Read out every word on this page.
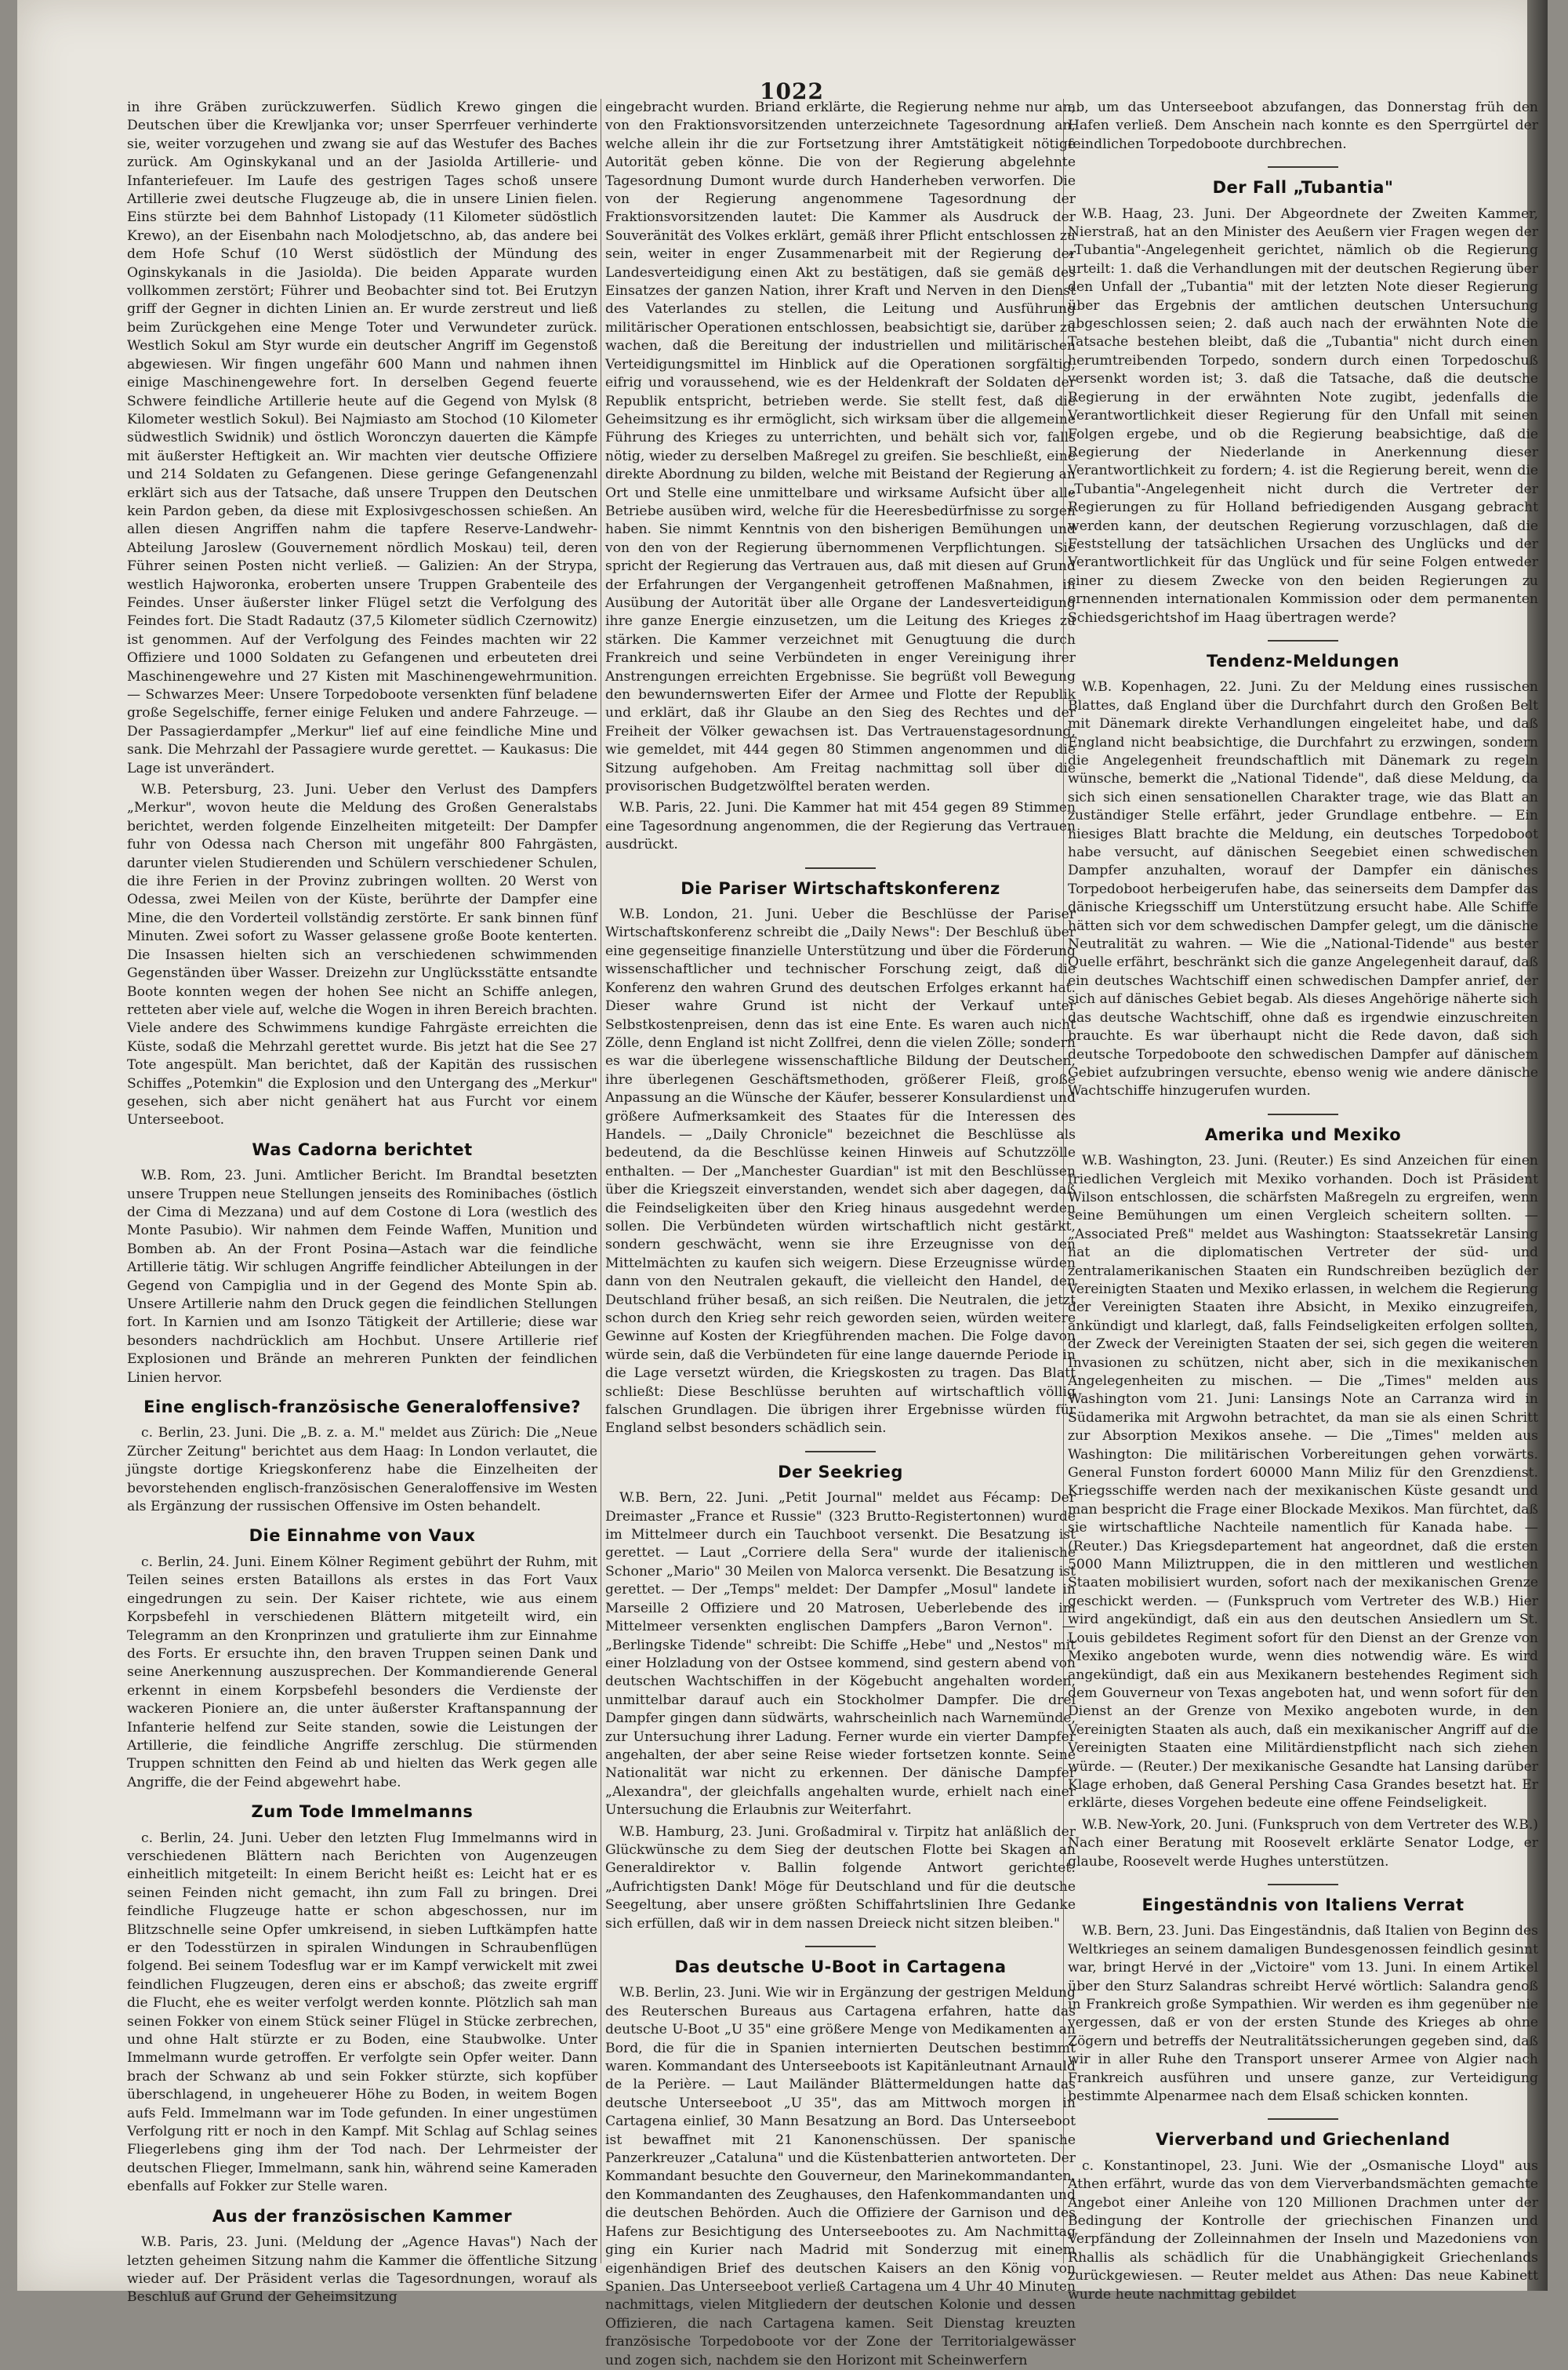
1022

in ihre Gräben zurückzuwerfen. Südlich Krewo gingen die Deutschen über die Krewljanka vor; unser Sperrfeuer verhinderte sie, weiter vorzugehen und zwang sie auf das Westufer des Baches zurück. Am Oginskykanal und an der Jasiolda Artillerie- und Infanteriefeuer. Im Laufe des gestrigen Tages schoß unsere Artillerie zwei deutsche Flugzeuge ab, die in unsere Linien fielen. Eins stürzte bei dem Bahnhof Listopady (11 Kilometer südöstlich Krewo), an der Eisenbahn nach Molodjetschno, ab, das andere bei dem Hofe Schuf (10 Werst südöstlich der Mündung des Oginskykanals in die Jasiolda). Die beiden Apparate wurden vollkommen zerstört; Führer und Beobachter sind tot. Bei Erutzyn griff der Gegner in dichten Linien an. Er wurde zerstreut und ließ beim Zurückgehen eine Menge Toter und Verwundeter zurück. Westlich Sokul am Styr wurde ein deutscher Angriff im Gegenstoß abgewiesen. Wir fingen ungefähr 600 Mann und nahmen ihnen einige Maschinengewehre fort. In derselben Gegend feuerte Schwere feindliche Artillerie heute auf die Gegend von Mylsk (8 Kilometer westlich Sokul). Bei Najmiasto am Stochod (10 Kilometer südwestlich Swidnik) und östlich Woronczyn dauerten die Kämpfe mit äußerster Heftigkeit an. Wir machten vier deutsche Offiziere und 214 Soldaten zu Gefangenen. Diese geringe Gefangenenzahl erklärt sich aus der Tatsache, daß unsere Truppen den Deutschen kein Pardon geben, da diese mit Explosivgeschossen schießen. An allen diesen Angriffen nahm die tapfere Reserve-Landwehr-Abteilung Jaroslew (Gouvernement nördlich Moskau) teil, deren Führer seinen Posten nicht verließ. — Galizien: An der Strypa, westlich Hajworonka, eroberten unsere Truppen Grabenteile des Feindes. Unser äußerster linker Flügel setzt die Verfolgung des Feindes fort. Die Stadt Radautz (37,5 Kilometer südlich Czernowitz) ist genommen. Auf der Verfolgung des Feindes machten wir 22 Offiziere und 1000 Soldaten zu Gefangenen und erbeuteten drei Maschinengewehre und 27 Kisten mit Maschinengewehrmunition. — Schwarzes Meer: Unsere Torpedoboote versenkten fünf beladene große Segelschiffe, ferner einige Feluken und andere Fahrzeuge. — Der Passagierdampfer „Merkur" lief auf eine feindliche Mine und sank. Die Mehrzahl der Passagiere wurde gerettet. — Kaukasus: Die Lage ist unverändert.

W.B. Petersburg, 23. Juni. Ueber den Verlust des Dampfers „Merkur", wovon heute die Meldung des Großen Generalstabs berichtet, werden folgende Einzelheiten mitgeteilt: Der Dampfer fuhr von Odessa nach Cherson mit ungefähr 800 Fahrgästen, darunter vielen Studierenden und Schülern verschiedener Schulen, die ihre Ferien in der Provinz zubringen wollten. 20 Werst von Odessa, zwei Meilen von der Küste, berührte der Dampfer eine Mine, die den Vorderteil vollständig zerstörte. Er sank binnen fünf Minuten. Zwei sofort zu Wasser gelassene große Boote kenterten. Die Insassen hielten sich an verschiedenen schwimmenden Gegenständen über Wasser. Dreizehn zur Unglücksstätte entsandte Boote konnten wegen der hohen See nicht an Schiffe anlegen, retteten aber viele auf, welche die Wogen in ihren Bereich brachten. Viele andere des Schwimmens kundige Fahrgäste erreichten die Küste, sodaß die Mehrzahl gerettet wurde. Bis jetzt hat die See 27 Tote angespült. Man berichtet, daß der Kapitän des russischen Schiffes „Potemkin" die Explosion und den Untergang des „Merkur" gesehen, sich aber nicht genähert hat aus Furcht vor einem Unterseeboot.

Was Cadorna berichtet

W.B. Rom, 23. Juni. Amtlicher Bericht. Im Brandtal besetzten unsere Truppen neue Stellungen jenseits des Rominibaches (östlich der Cima di Mezzana) und auf dem Costone di Lora (westlich des Monte Pasubio). Wir nahmen dem Feinde Waffen, Munition und Bomben ab. An der Front Posina—Astach war die feindliche Artillerie tätig. Wir schlugen Angriffe feindlicher Abteilungen in der Gegend von Campiglia und in der Gegend des Monte Spin ab. Unsere Artillerie nahm den Druck gegen die feindlichen Stellungen fort. In Karnien und am Isonzo Tätigkeit der Artillerie; diese war besonders nachdrücklich am Hochbut. Unsere Artillerie rief Explosionen und Brände an mehreren Punkten der feindlichen Linien hervor.

Eine englisch-französische Generaloffensive?

c. Berlin, 23. Juni. Die „B. z. a. M." meldet aus Zürich: Die „Neue Zürcher Zeitung" berichtet aus dem Haag: In London verlautet, die jüngste dortige Kriegskonferenz habe die Einzelheiten der bevorstehenden englisch-französischen Generaloffensive im Westen als Ergänzung der russischen Offensive im Osten behandelt.

Die Einnahme von Vaux

c. Berlin, 24. Juni. Einem Kölner Regiment gebührt der Ruhm, mit Teilen seines ersten Bataillons als erstes in das Fort Vaux eingedrungen zu sein. Der Kaiser richtete, wie aus einem Korpsbefehl in verschiedenen Blättern mitgeteilt wird, ein Telegramm an den Kronprinzen und gratulierte ihm zur Einnahme des Forts. Er ersuchte ihn, den braven Truppen seinen Dank und seine Anerkennung auszusprechen. Der Kommandierende General erkennt in einem Korpsbefehl besonders die Verdienste der wackeren Pioniere an, die unter äußerster Kraftanspannung der Infanterie helfend zur Seite standen, sowie die Leistungen der Artillerie, die feindliche Angriffe zerschlug. Die stürmenden Truppen schnitten den Feind ab und hielten das Werk gegen alle Angriffe, die der Feind abgewehrt habe.

Zum Tode Immelmanns

c. Berlin, 24. Juni. Ueber den letzten Flug Immelmanns wird in verschiedenen Blättern nach Berichten von Augenzeugen einheitlich mitgeteilt: In einem Bericht heißt es: Leicht hat er es seinen Feinden nicht gemacht, ihn zum Fall zu bringen. Drei feindliche Flugzeuge hatte er schon abgeschossen, nur im Blitzschnelle seine Opfer umkreisend, in sieben Luftkämpfen hatte er den Todesstürzen in spiralen Windungen in Schraubenflügen folgend. Bei seinem Todesflug war er im Kampf verwickelt mit zwei feindlichen Flugzeugen, deren eins er abschoß; das zweite ergriff die Flucht, ehe es weiter verfolgt werden konnte. Plötzlich sah man seinen Fokker von einem Stück seiner Flügel in Stücke zerbrechen, und ohne Halt stürzte er zu Boden, eine Staubwolke. Unter Immelmann wurde getroffen. Er verfolgte sein Opfer weiter. Dann brach der Schwanz ab und sein Fokker stürzte, sich kopfüber überschlagend, in ungeheuerer Höhe zu Boden, in weitem Bogen aufs Feld. Immelmann war im Tode gefunden. In einer ungestümen Verfolgung ritt er noch in den Kampf. Mit Schlag auf Schlag seines Fliegerlebens ging ihm der Tod nach. Der Lehrmeister der deutschen Flieger, Immelmann, sank hin, während seine Kameraden ebenfalls auf Fokker zur Stelle waren.

Aus der französischen Kammer

W.B. Paris, 23. Juni. (Meldung der „Agence Havas") Nach der letzten geheimen Sitzung nahm die Kammer die öffentliche Sitzung wieder auf. Der Präsident verlas die Tagesordnungen, worauf als Beschluß auf Grund der Geheimsitzung

eingebracht wurden. Briand erklärte, die Regierung nehme nur an, von den Fraktionsvorsitzenden unterzeichnete Tagesordnung an, welche allein ihr die zur Fortsetzung ihrer Amtstätigkeit nötige Autorität geben könne. Die von der Regierung abgelehnte Tagesordnung Dumont wurde durch Handerheben verworfen. Die von der Regierung angenommene Tagesordnung der Fraktionsvorsitzenden lautet: Die Kammer als Ausdruck der Souveränität des Volkes erklärt, gemäß ihrer Pflicht entschlossen zu sein, weiter in enger Zusammenarbeit mit der Regierung der Landesverteidigung einen Akt zu bestätigen, daß sie gemäß des Einsatzes der ganzen Nation, ihrer Kraft und Nerven in den Dienst des Vaterlandes zu stellen, die Leitung und Ausführung militärischer Operationen entschlossen, beabsichtigt sie, darüber zu wachen, daß die Bereitung der industriellen und militärischen Verteidigungsmittel im Hinblick auf die Operationen sorgfältig, eifrig und voraussehend, wie es der Heldenkraft der Soldaten der Republik entspricht, betrieben werde. Sie stellt fest, daß die Geheimsitzung es ihr ermöglicht, sich wirksam über die allgemeine Führung des Krieges zu unterrichten, und behält sich vor, falls nötig, wieder zu derselben Maßregel zu greifen. Sie beschließt, eine direkte Abordnung zu bilden, welche mit Beistand der Regierung an Ort und Stelle eine unmittelbare und wirksame Aufsicht über alle Betriebe ausüben wird, welche für die Heeresbedürfnisse zu sorgen haben. Sie nimmt Kenntnis von den bisherigen Bemühungen und von den von der Regierung übernommenen Verpflichtungen. Sie spricht der Regierung das Vertrauen aus, daß mit diesen auf Grund der Erfahrungen der Vergangenheit getroffenen Maßnahmen, in Ausübung der Autorität über alle Organe der Landesverteidigung ihre ganze Energie einzusetzen, um die Leitung des Krieges zu stärken. Die Kammer verzeichnet mit Genugtuung die durch Frankreich und seine Verbündeten in enger Vereinigung ihrer Anstrengungen erreichten Ergebnisse. Sie begrüßt voll Bewegung den bewundernswerten Eifer der Armee und Flotte der Republik und erklärt, daß ihr Glaube an den Sieg des Rechtes und der Freiheit der Völker gewachsen ist. Das Vertrauenstagesordnung, wie gemeldet, mit 444 gegen 80 Stimmen angenommen und die Sitzung aufgehoben. Am Freitag nachmittag soll über die provisorischen Budgetzwölftel beraten werden.

W.B. Paris, 22. Juni. Die Kammer hat mit 454 gegen 89 Stimmen eine Tagesordnung angenommen, die der Regierung das Vertrauen ausdrückt.

Die Pariser Wirtschaftskonferenz

W.B. London, 21. Juni. Ueber die Beschlüsse der Pariser Wirtschaftskonferenz schreibt die „Daily News": Der Beschluß über eine gegenseitige finanzielle Unterstützung und über die Förderung wissenschaftlicher und technischer Forschung zeigt, daß die Konferenz den wahren Grund des deutschen Erfolges erkannt hat. Dieser wahre Grund ist nicht der Verkauf unter Selbstkostenpreisen, denn das ist eine Ente. Es waren auch nicht Zölle, denn England ist nicht Zollfrei, denn die vielen Zölle; sondern es war die überlegene wissenschaftliche Bildung der Deutschen, ihre überlegenen Geschäftsmethoden, größerer Fleiß, große Anpassung an die Wünsche der Käufer, besserer Konsulardienst und größere Aufmerksamkeit des Staates für die Interessen des Handels. — „Daily Chronicle" bezeichnet die Beschlüsse als bedeutend, da die Beschlüsse keinen Hinweis auf Schutzzölle enthalten. — Der „Manchester Guardian" ist mit den Beschlüssen über die Kriegszeit einverstanden, wendet sich aber dagegen, daß die Feindseligkeiten über den Krieg hinaus ausgedehnt werden sollen. Die Verbündeten würden wirtschaftlich nicht gestärkt, sondern geschwächt, wenn sie ihre Erzeugnisse von den Mittelmächten zu kaufen sich weigern. Diese Erzeugnisse würden dann von den Neutralen gekauft, die vielleicht den Handel, den Deutschland früher besaß, an sich reißen. Die Neutralen, die jetzt schon durch den Krieg sehr reich geworden seien, würden weitere Gewinne auf Kosten der Kriegführenden machen. Die Folge davon würde sein, daß die Verbündeten für eine lange dauernde Periode in die Lage versetzt würden, die Kriegskosten zu tragen. Das Blatt schließt: Diese Beschlüsse beruhten auf wirtschaftlich völlig falschen Grundlagen. Die übrigen ihrer Ergebnisse würden für England selbst besonders schädlich sein.

Der Seekrieg

W.B. Bern, 22. Juni. „Petit Journal" meldet aus Fécamp: Der Dreimaster „France et Russie" (323 Brutto-Registertonnen) wurde im Mittelmeer durch ein Tauchboot versenkt. Die Besatzung ist gerettet. — Laut „Corriere della Sera" wurde der italienische Schoner „Mario" 30 Meilen von Malorca versenkt. Die Besatzung ist gerettet. — Der „Temps" meldet: Der Dampfer „Mosul" landete in Marseille 2 Offiziere und 20 Matrosen, Ueberlebende des im Mittelmeer versenkten englischen Dampfers „Baron Vernon". — „Berlingske Tidende" schreibt: Die Schiffe „Hebe" und „Nestos" mit einer Holzladung von der Ostsee kommend, sind gestern abend von deutschen Wachtschiffen in der Kögebucht angehalten worden, unmittelbar darauf auch ein Stockholmer Dampfer. Die drei Dampfer gingen dann südwärts, wahrscheinlich nach Warnemünde, zur Untersuchung ihrer Ladung. Ferner wurde ein vierter Dampfer angehalten, der aber seine Reise wieder fortsetzen konnte. Seine Nationalität war nicht zu erkennen. Der dänische Dampfer „Alexandra", der gleichfalls angehalten wurde, erhielt nach einer Untersuchung die Erlaubnis zur Weiterfahrt.

W.B. Hamburg, 23. Juni. Großadmiral v. Tirpitz hat anläßlich der Glückwünsche zu dem Sieg der deutschen Flotte bei Skagen an Generaldirektor v. Ballin folgende Antwort gerichtet: „Aufrichtigsten Dank! Möge für Deutschland und für die deutsche Seegeltung, aber unsere größten Schiffahrtslinien Ihre Gedanke sich erfüllen, daß wir in dem nassen Dreieck nicht sitzen bleiben."

Das deutsche U-Boot in Cartagena

W.B. Berlin, 23. Juni. Wie wir in Ergänzung der gestrigen Meldung des Reuterschen Bureaus aus Cartagena erfahren, hatte das deutsche U-Boot „U 35" eine größere Menge von Medikamenten an Bord, die für die in Spanien internierten Deutschen bestimmt waren. Kommandant des Unterseeboots ist Kapitänleutnant Arnauld de la Perière. — Laut Mailänder Blättermeldungen hatte das deutsche Unterseeboot „U 35", das am Mittwoch morgen in Cartagena einlief, 30 Mann Besatzung an Bord. Das Unterseeboot ist bewaffnet mit 21 Kanonenschüssen. Der spanische Panzerkreuzer „Cataluna" und die Küstenbatterien antworteten. Der Kommandant besuchte den Gouverneur, den Marinekommandanten, den Kommandanten des Zeughauses, den Hafenkommandanten und die deutschen Behörden. Auch die Offiziere der Garnison und des Hafens zur Besichtigung des Unterseebootes zu. Am Nachmittag ging ein Kurier nach Madrid mit Sonderzug mit einem eigenhändigen Brief des deutschen Kaisers an den König von Spanien. Das Unterseeboot verließ Cartagena um 4 Uhr 40 Minuten nachmittags, vielen Mitgliedern der deutschen Kolonie und dessen Offizieren, die nach Cartagena kamen. Seit Dienstag kreuzten französische Torpedoboote vor der Zone der Territorialgewässer und zogen sich, nachdem sie den Horizont mit Scheinwerfern

ab, um das Unterseeboot abzufangen, das Donnerstag früh den Hafen verließ. Dem Anschein nach konnte es den Sperrgürtel der feindlichen Torpedoboote durchbrechen.

Der Fall „Tubantia"

W.B. Haag, 23. Juni. Der Abgeordnete der Zweiten Kammer, Nierstraß, hat an den Minister des Aeußern vier Fragen wegen der „Tubantia"-Angelegenheit gerichtet, nämlich ob die Regierung urteilt: 1. daß die Verhandlungen mit der deutschen Regierung über den Unfall der „Tubantia" mit der letzten Note dieser Regierung über das Ergebnis der amtlichen deutschen Untersuchung abgeschlossen seien; 2. daß auch nach der erwähnten Note die Tatsache bestehen bleibt, daß die „Tubantia" nicht durch einen herumtreibenden Torpedo, sondern durch einen Torpedoschuß versenkt worden ist; 3. daß die Tatsache, daß die deutsche Regierung in der erwähnten Note zugibt, jedenfalls die Verantwortlichkeit dieser Regierung für den Unfall mit seinen Folgen ergebe, und ob die Regierung beabsichtige, daß die Regierung der Niederlande in Anerkennung dieser Verantwortlichkeit zu fordern; 4. ist die Regierung bereit, wenn die „Tubantia"-Angelegenheit nicht durch die Vertreter der Regierungen zu für Holland befriedigenden Ausgang gebracht werden kann, der deutschen Regierung vorzuschlagen, daß die Feststellung der tatsächlichen Ursachen des Unglücks und der Verantwortlichkeit für das Unglück und für seine Folgen entweder einer zu diesem Zwecke von den beiden Regierungen zu ernennenden internationalen Kommission oder dem permanenten Schiedsgerichtshof im Haag übertragen werde?

Tendenz-Meldungen

W.B. Kopenhagen, 22. Juni. Zu der Meldung eines russischen Blattes, daß England über die Durchfahrt durch den Großen Belt mit Dänemark direkte Verhandlungen eingeleitet habe, und daß England nicht beabsichtige, die Durchfahrt zu erzwingen, sondern die Angelegenheit freundschaftlich mit Dänemark zu regeln wünsche, bemerkt die „National Tidende", daß diese Meldung, da sich sich einen sensationellen Charakter trage, wie das Blatt an zuständiger Stelle erfährt, jeder Grundlage entbehre. — Ein hiesiges Blatt brachte die Meldung, ein deutsches Torpedoboot habe versucht, auf dänischen Seegebiet einen schwedischen Dampfer anzuhalten, worauf der Dampfer ein dänisches Torpedoboot herbeigerufen habe, das seinerseits dem Dampfer das dänische Kriegsschiff um Unterstützung ersucht habe. Alle Schiffe hätten sich vor dem schwedischen Dampfer gelegt, um die dänische Neutralität zu wahren. — Wie die „National-Tidende" aus bester Quelle erfährt, beschränkt sich die ganze Angelegenheit darauf, daß ein deutsches Wachtschiff einen schwedischen Dampfer anrief, der sich auf dänisches Gebiet begab. Als dieses Angehörige näherte sich das deutsche Wachtschiff, ohne daß es irgendwie einzuschreiten brauchte. Es war überhaupt nicht die Rede davon, daß sich deutsche Torpedoboote den schwedischen Dampfer auf dänischem Gebiet aufzubringen versuchte, ebenso wenig wie andere dänische Wachtschiffe hinzugerufen wurden.

Amerika und Mexiko

W.B. Washington, 23. Juni. (Reuter.) Es sind Anzeichen für einen friedlichen Vergleich mit Mexiko vorhanden. Doch ist Präsident Wilson entschlossen, die schärfsten Maßregeln zu ergreifen, wenn seine Bemühungen um einen Vergleich scheitern sollten. — „Associated Preß" meldet aus Washington: Staatssekretär Lansing hat an die diplomatischen Vertreter der süd- und zentralamerikanischen Staaten ein Rundschreiben bezüglich der Vereinigten Staaten und Mexiko erlassen, in welchem die Regierung der Vereinigten Staaten ihre Absicht, in Mexiko einzugreifen, ankündigt und klarlegt, daß, falls Feindseligkeiten erfolgen sollten, der Zweck der Vereinigten Staaten der sei, sich gegen die weiteren Invasionen zu schützen, nicht aber, sich in die mexikanischen Angelegenheiten zu mischen. — Die „Times" melden aus Washington vom 21. Juni: Lansings Note an Carranza wird in Südamerika mit Argwohn betrachtet, da man sie als einen Schritt zur Absorption Mexikos ansehe. — Die „Times" melden aus Washington: Die militärischen Vorbereitungen gehen vorwärts. General Funston fordert 60000 Mann Miliz für den Grenzdienst. Kriegsschiffe werden nach der mexikanischen Küste gesandt und man bespricht die Frage einer Blockade Mexikos. Man fürchtet, daß sie wirtschaftliche Nachteile namentlich für Kanada habe. — (Reuter.) Das Kriegsdepartement hat angeordnet, daß die ersten 5000 Mann Miliztruppen, die in den mittleren und westlichen Staaten mobilisiert wurden, sofort nach der mexikanischen Grenze geschickt werden. — (Funkspruch vom Vertreter des W.B.) Hier wird angekündigt, daß ein aus den deutschen Ansiedlern um St. Louis gebildetes Regiment sofort für den Dienst an der Grenze von Mexiko angeboten wurde, wenn dies notwendig wäre. Es wird angekündigt, daß ein aus Mexikanern bestehendes Regiment sich dem Gouverneur von Texas angeboten hat, und wenn sofort für den Dienst an der Grenze von Mexiko angeboten wurde, in den Vereinigten Staaten als auch, daß ein mexikanischer Angriff auf die Vereinigten Staaten eine Militärdienstpflicht nach sich ziehen würde. — (Reuter.) Der mexikanische Gesandte hat Lansing darüber Klage erhoben, daß General Pershing Casa Grandes besetzt hat. Er erklärte, dieses Vorgehen bedeute eine offene Feindseligkeit.

W.B. New-York, 20. Juni. (Funkspruch von dem Vertreter des W.B.) Nach einer Beratung mit Roosevelt erklärte Senator Lodge, er glaube, Roosevelt werde Hughes unterstützen.

Eingeständnis von Italiens Verrat

W.B. Bern, 23. Juni. Das Eingeständnis, daß Italien von Beginn des Weltkrieges an seinem damaligen Bundesgenossen feindlich gesinnt war, bringt Hervé in der „Victoire" vom 13. Juni. In einem Artikel über den Sturz Salandras schreibt Hervé wörtlich: Salandra genoß in Frankreich große Sympathien. Wir werden es ihm gegenüber nie vergessen, daß er von der ersten Stunde des Krieges ab ohne Zögern und betreffs der Neutralitätssicherungen gegeben sind, daß wir in aller Ruhe den Transport unserer Armee von Algier nach Frankreich ausführen und unsere ganze, zur Verteidigung bestimmte Alpenarmee nach dem Elsaß schicken konnten.

Vierverband und Griechenland

c. Konstantinopel, 23. Juni. Wie der „Osmanische Lloyd" aus Athen erfährt, wurde das von dem Vierverbandsmächten gemachte Angebot einer Anleihe von 120 Millionen Drachmen unter der Bedingung der Kontrolle der griechischen Finanzen und Verpfändung der Zolleinnahmen der Inseln und Mazedoniens von Rhallis als schädlich für die Unabhängigkeit Griechenlands zurückgewiesen. — Reuter meldet aus Athen: Das neue Kabinett wurde heute nachmittag gebildet
